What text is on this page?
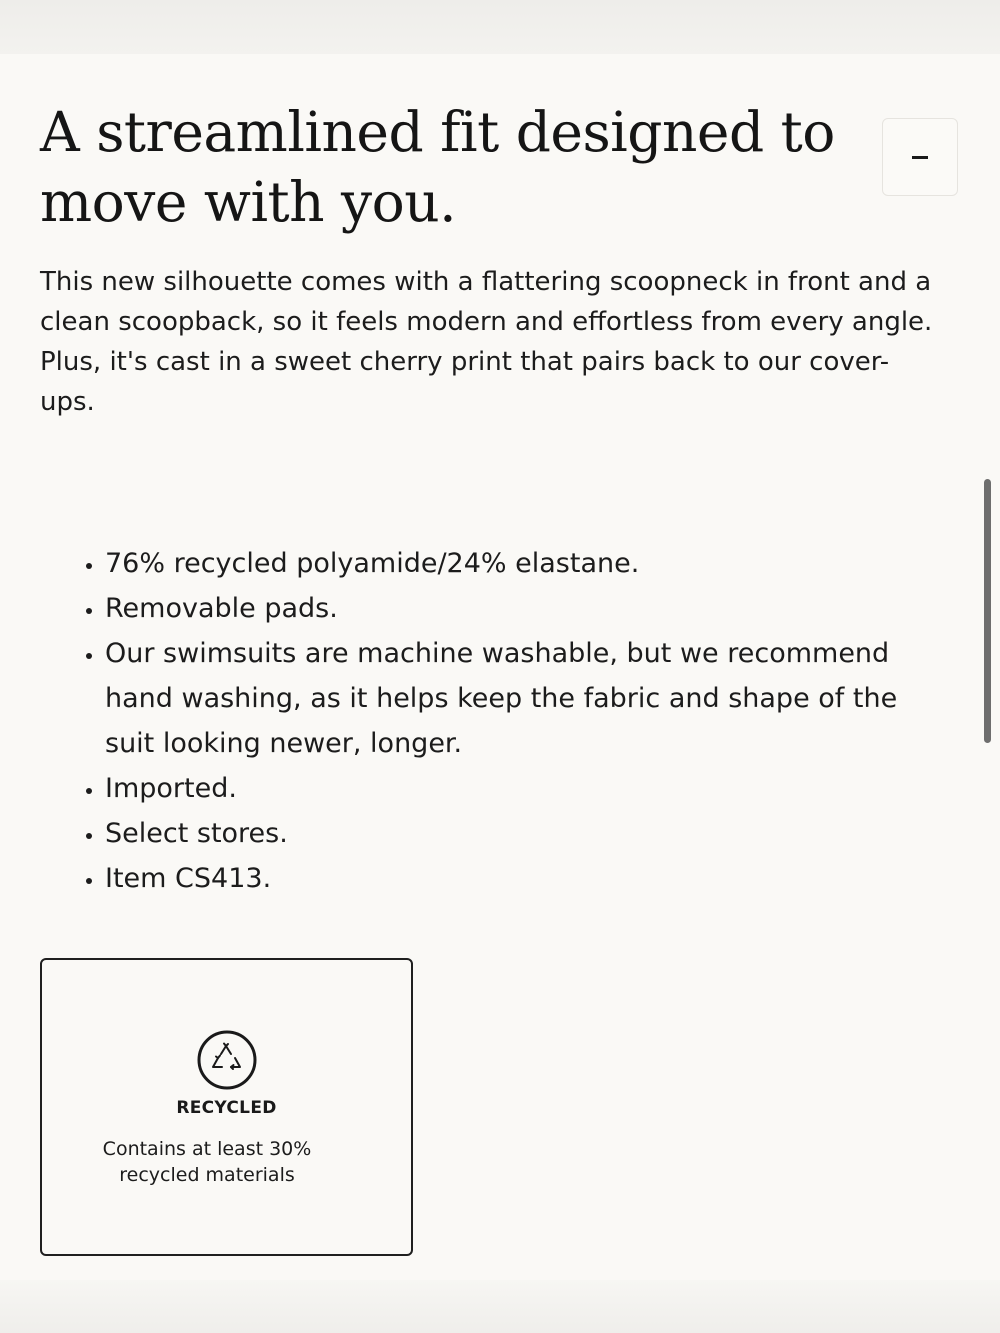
A streamlined fit designed to move with you.

This new silhouette comes with a flattering scoopneck in front and a clean scoopback, so it feels modern and effortless from every angle. Plus, it's cast in a sweet cherry print that pairs back to our cover-ups.

• 76% recycled polyamide/24% elastane.
• Removable pads.
• Our swimsuits are machine washable, but we recommend hand washing, as it helps keep the fabric and shape of the suit looking newer, longer.
• Imported.
• Select stores.
• Item CS413.
RECYCLED
Contains at least 30% recycled materials
